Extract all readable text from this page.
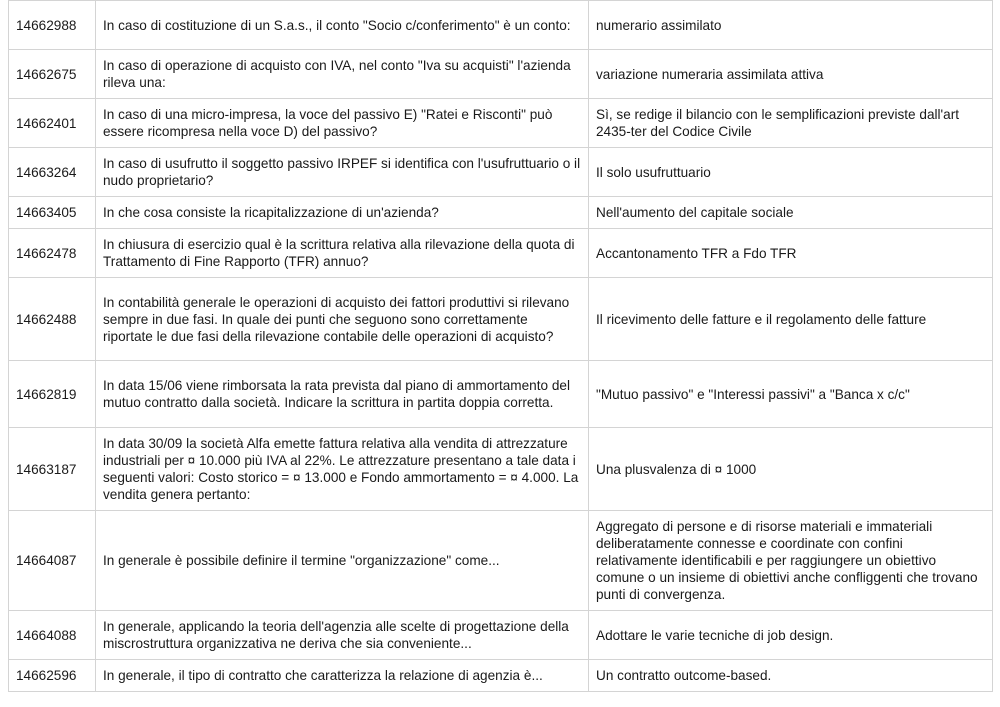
14662988	In caso di costituzione di un S.a.s., il conto "Socio c/conferimento" è un conto:	numerario assimilato
14662675	In caso di operazione di acquisto con IVA, nel conto "Iva su acquisti" l'azienda rileva una:	variazione numeraria assimilata attiva
14662401	In caso di una micro-impresa, la voce del passivo E) "Ratei e Risconti" può essere ricompresa nella voce D) del passivo?	Sì, se redige il bilancio con le semplificazioni previste dall'art 2435-ter del Codice Civile
14663264	In caso di usufrutto il soggetto passivo IRPEF si identifica con l'usufruttuario o il nudo proprietario?	Il solo usufruttuario
14663405	In che cosa consiste la ricapitalizzazione di un'azienda?	Nell'aumento del capitale sociale
14662478	In chiusura di esercizio qual è la scrittura relativa alla rilevazione della quota di Trattamento di Fine Rapporto (TFR) annuo?	Accantonamento TFR a Fdo TFR
14662488	In contabilità generale le operazioni di acquisto dei fattori produttivi si rilevano sempre in due fasi. In quale dei punti che seguono sono correttamente riportate le due fasi della rilevazione contabile delle operazioni di acquisto?	Il ricevimento delle fatture e il regolamento delle fatture
14662819	In data 15/06 viene rimborsata la rata prevista dal piano di ammortamento del mutuo contratto dalla società. Indicare la scrittura in partita doppia corretta.	"Mutuo passivo" e "Interessi passivi" a "Banca x c/c"
14663187	In data 30/09 la società Alfa emette fattura relativa alla vendita di attrezzature industriali per ¤ 10.000 più IVA al 22%. Le attrezzature presentano a tale data i seguenti valori: Costo storico = ¤ 13.000 e Fondo ammortamento = ¤ 4.000. La vendita genera pertanto:	Una plusvalenza di ¤ 1000
14664087	In generale è possibile definire il termine "organizzazione" come...	Aggregato di persone e di risorse materiali e immateriali deliberatamente connesse e coordinate con confini relativamente identificabili e per raggiungere un obiettivo comune o un insieme di obiettivi anche confliggenti che trovano punti di convergenza.
14664088	In generale, applicando la teoria dell'agenzia alle scelte di progettazione della miscrostruttura organizzativa ne deriva che sia conveniente...	Adottare le varie tecniche di job design.
14662596	In generale, il tipo di contratto che caratterizza la relazione di agenzia è...	Un contratto outcome-based.
